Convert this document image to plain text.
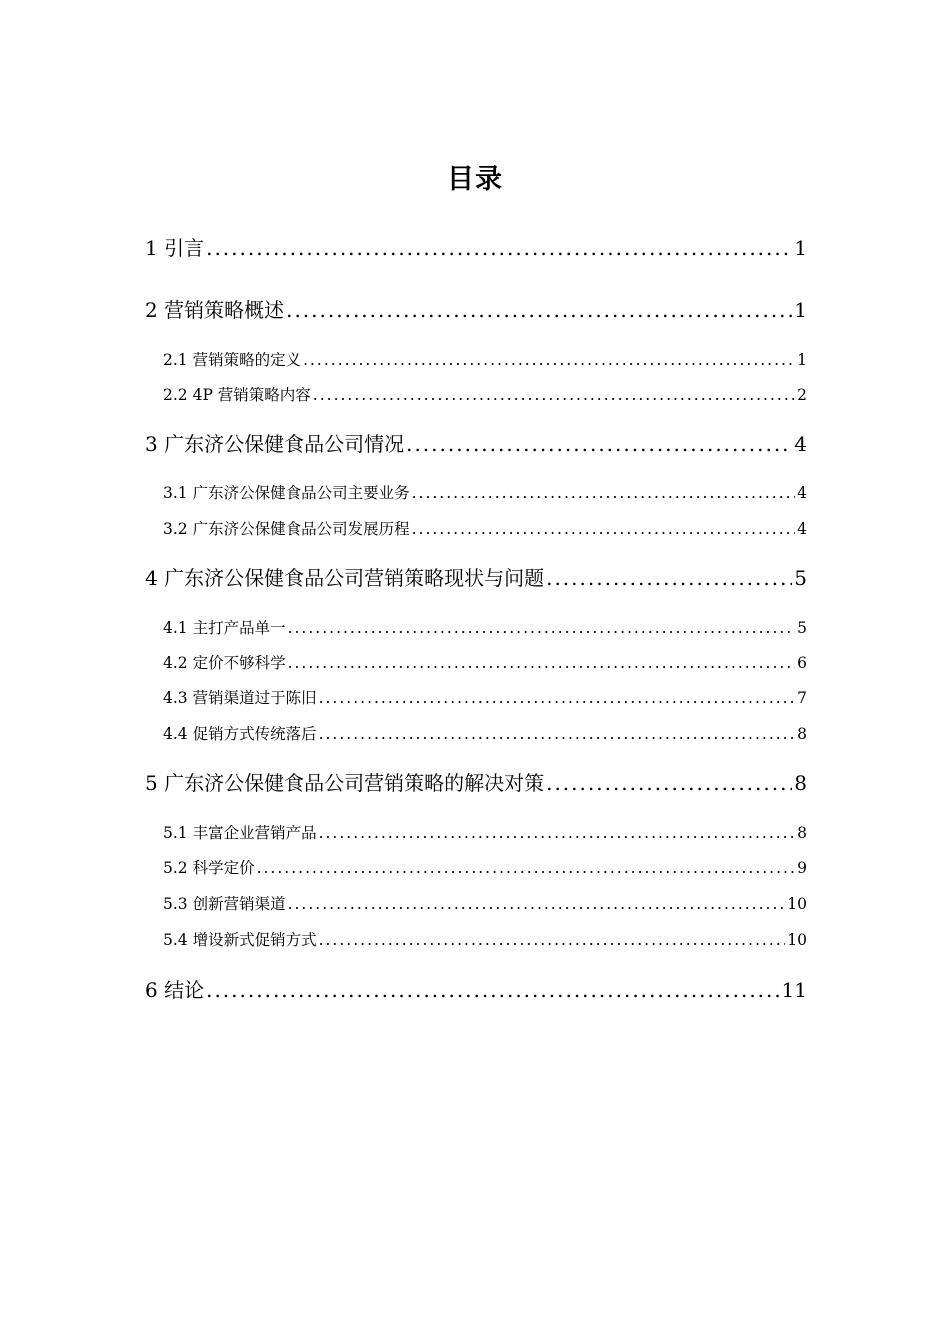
目录
1 引言 .....	1
2 营销策略概述 .....	1
2.1 营销策略的定义 .....	1
2.2 4P 营销策略内容 .....	2
3 广东济公保健食品公司情况 .....	4
3.1 广东济公保健食品公司主要业务 .....	4
3.2 广东济公保健食品公司发展历程 .....	4
4 广东济公保健食品公司营销策略现状与问题 .....	5
4.1 主打产品单一 .....	5
4.2 定价不够科学 .....	6
4.3 营销渠道过于陈旧 .....	7
4.4 促销方式传统落后 .....	8
5 广东济公保健食品公司营销策略的解决对策 .....	8
5.1 丰富企业营销产品 .....	8
5.2 科学定价 .....	9
5.3 创新营销渠道 .....	10
5.4 增设新式促销方式 .....	10
6 结论 .....	11
